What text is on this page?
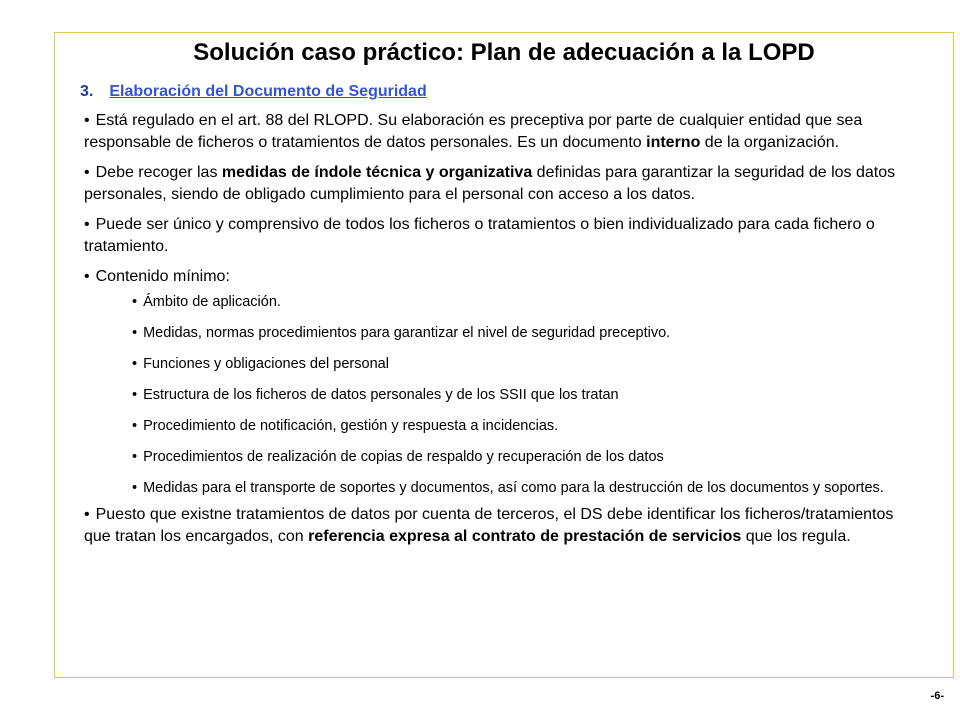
Solución caso práctico: Plan de adecuación a la LOPD
3. Elaboración del Documento de Seguridad

• Está regulado en el art. 88 del RLOPD. Su elaboración es preceptiva por parte de cualquier entidad que sea responsable de ficheros o tratamientos de datos personales. Es un documento interno de la organización.

• Debe recoger las medidas de índole técnica y organizativa definidas para garantizar la seguridad de los datos personales, siendo de obligado cumplimiento para el personal con acceso a los datos.

• Puede ser único y comprensivo de todos los ficheros o tratamientos o bien individualizado para cada fichero o tratamiento.

• Contenido mínimo:

• Ámbito de aplicación.

• Medidas, normas procedimientos para garantizar el nivel de seguridad preceptivo.

• Funciones y obligaciones del personal

• Estructura de los ficheros de datos personales y de los SSII que los tratan

• Procedimiento de notificación, gestión y respuesta a incidencias.

• Procedimientos de realización de copias de respaldo y recuperación de los datos

• Medidas para el transporte de soportes y documentos, así como para la destrucción de los documentos y soportes.

• Puesto que existne tratamientos de datos por cuenta de terceros, el DS debe identificar los ficheros/tratamientos que tratan los encargados, con referencia expresa al contrato de prestación de servicios que los regula.

-6-
